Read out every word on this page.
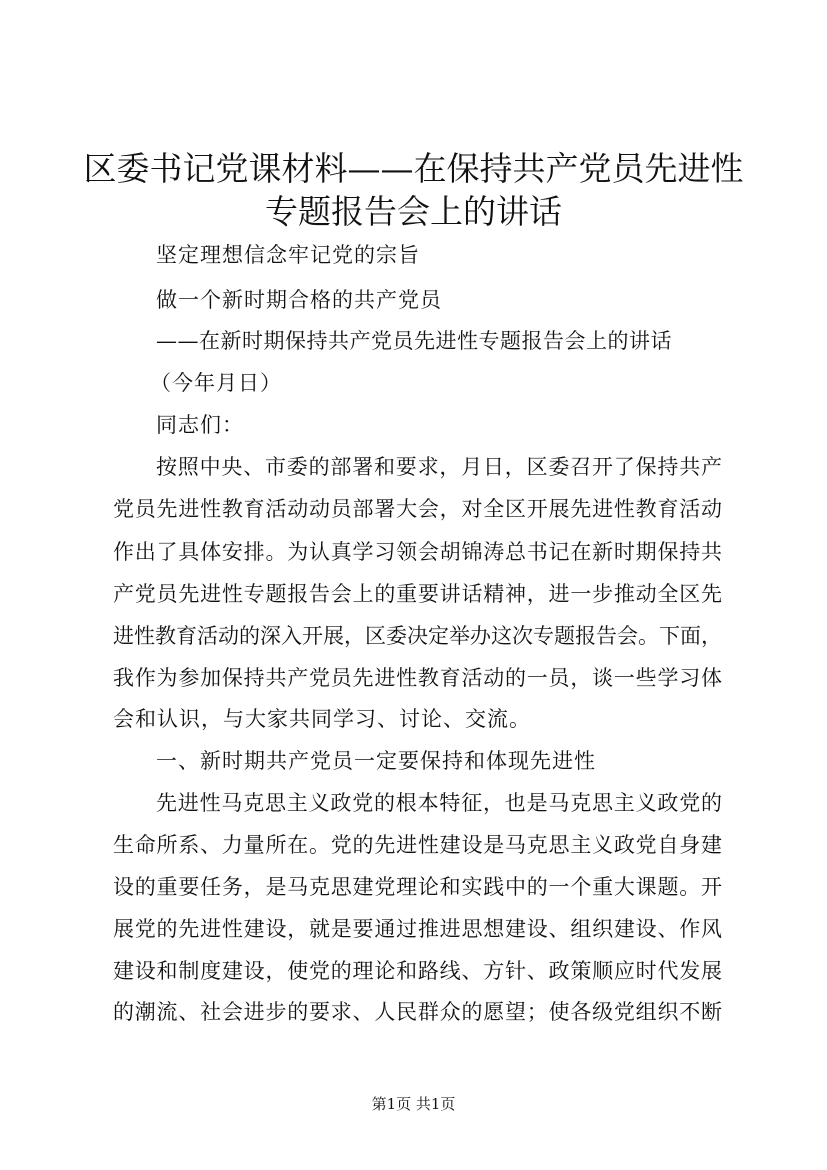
区委书记党课材料——在保持共产党员先进性
专题报告会上的讲话
坚定理想信念牢记党的宗旨
做一个新时期合格的共产党员
——在新时期保持共产党员先进性专题报告会上的讲话
（今年月日）
同志们：
按照中央、市委的部署和要求，月日，区委召开了保持共产
党员先进性教育活动动员部署大会，对全区开展先进性教育活动
作出了具体安排。为认真学习领会胡锦涛总书记在新时期保持共
产党员先进性专题报告会上的重要讲话精神，进一步推动全区先
进性教育活动的深入开展，区委决定举办这次专题报告会。下面，
我作为参加保持共产党员先进性教育活动的一员，谈一些学习体
会和认识，与大家共同学习、讨论、交流。
一、新时期共产党员一定要保持和体现先进性
先进性马克思主义政党的根本特征，也是马克思主义政党的
生命所系、力量所在。党的先进性建设是马克思主义政党自身建
设的重要任务，是马克思建党理论和实践中的一个重大课题。开
展党的先进性建设，就是要通过推进思想建设、组织建设、作风
建设和制度建设，使党的理论和路线、方针、政策顺应时代发展
的潮流、社会进步的要求、人民群众的愿望；使各级党组织不断
第1页 共1页
